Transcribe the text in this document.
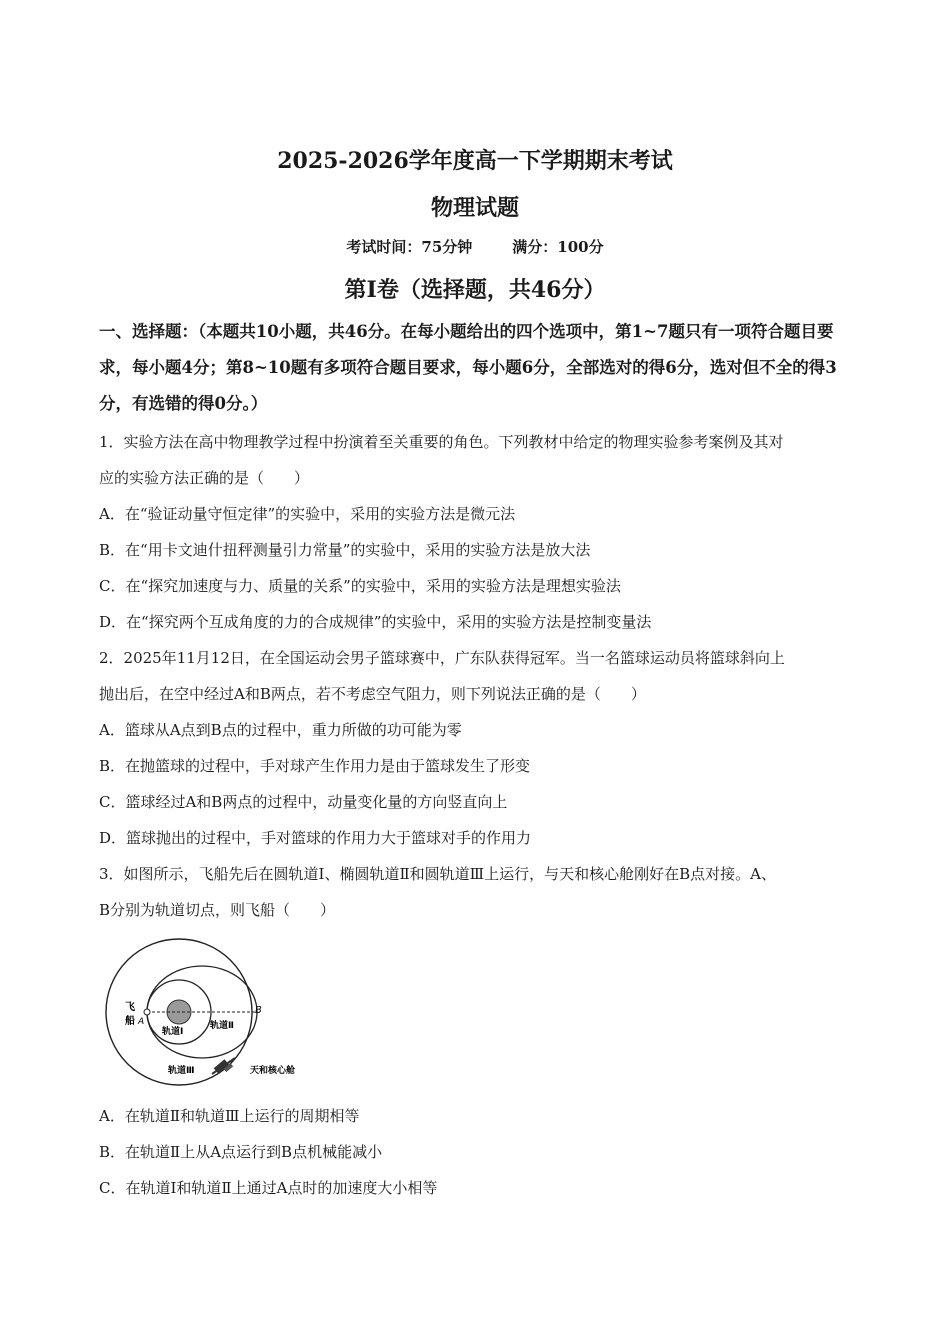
2025-2026学年度高一下学期期末考试
物理试题
考试时间：75分钟	满分：100分
第Ⅰ卷（选择题，共46分）
一、选择题：（本题共10小题，共46分。在每小题给出的四个选项中，第1~7题只有一项符合题目要求，每小题4分；第8~10题有多项符合题目要求，每小题6分，全部选对的得6分，选对但不全的得3分，有选错的得0分。）
1．实验方法在高中物理教学过程中扮演着至关重要的角色。下列教材中给定的物理实验参考案例及其对
应的实验方法正确的是（　　）
A．在“验证动量守恒定律”的实验中，采用的实验方法是微元法
B．在“用卡文迪什扭秤测量引力常量”的实验中，采用的实验方法是放大法
C．在“探究加速度与力、质量的关系”的实验中，采用的实验方法是理想实验法
D．在“探究两个互成角度的力的合成规律”的实验中，采用的实验方法是控制变量法
2．2025年11月12日，在全国运动会男子篮球赛中，广东队获得冠军。当一名篮球运动员将篮球斜向上
抛出后，在空中经过A和B两点，若不考虑空气阻力，则下列说法正确的是（　　）
A．篮球从A点到B点的过程中，重力所做的功可能为零
B．在抛篮球的过程中，手对球产生作用力是由于篮球发生了形变
C．篮球经过A和B两点的过程中，动量变化量的方向竖直向上
D．篮球抛出的过程中，手对篮球的作用力大于篮球对手的作用力
3．如图所示，飞船先后在圆轨道Ⅰ、椭圆轨道Ⅱ和圆轨道Ⅲ上运行，与天和核心舱刚好在B点对接。A、
B分别为轨道切点，则飞船（　　）
飞
船 A
B
轨道Ⅰ
轨道Ⅱ
轨道Ⅲ	天和核心舱
A．在轨道Ⅱ和轨道Ⅲ上运行的周期相等
B．在轨道Ⅱ上从A点运行到B点机械能减小
C．在轨道Ⅰ和轨道Ⅱ上通过A点时的加速度大小相等
